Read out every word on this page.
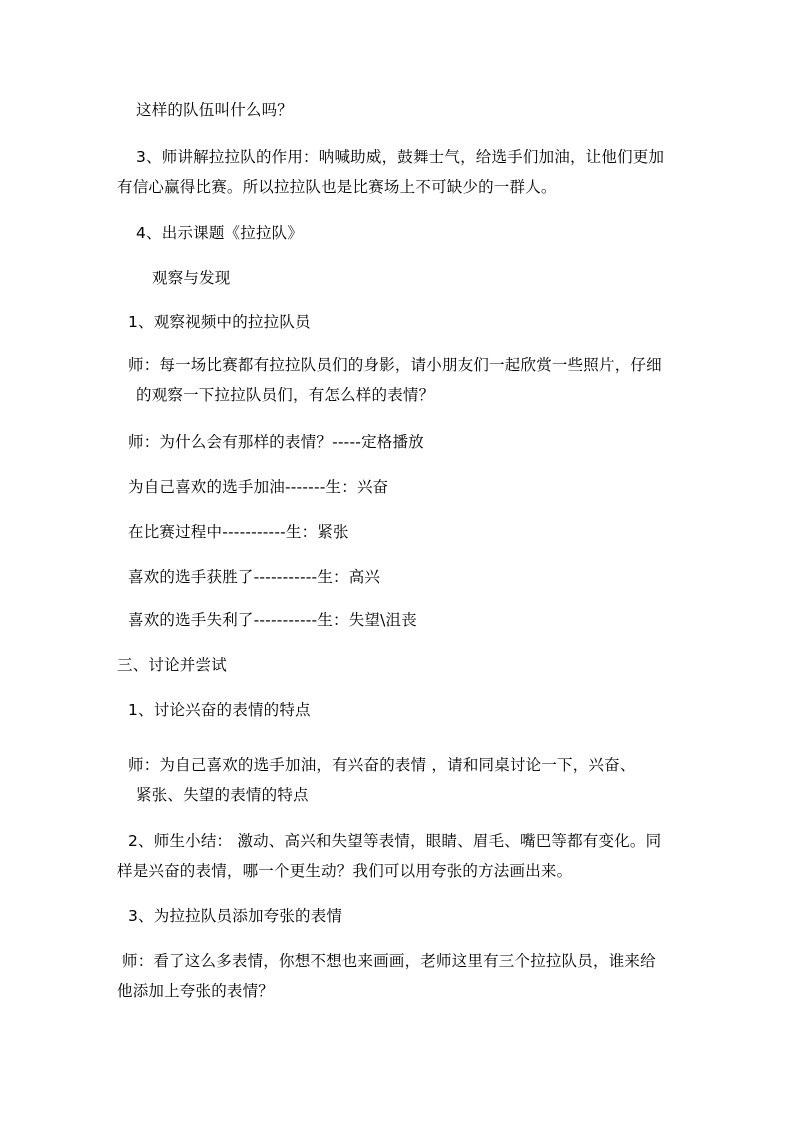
这样的队伍叫什么吗？
3、师讲解拉拉队的作用：呐喊助威，鼓舞士气，给选手们加油，让他们更加
有信心赢得比赛。所以拉拉队也是比赛场上不可缺少的一群人。
4、出示课题《拉拉队》
观察与发现
1、观察视频中的拉拉队员
师：每一场比赛都有拉拉队员们的身影，请小朋友们一起欣赏一些照片，仔细
的观察一下拉拉队员们，有怎么样的表情？
师：为什么会有那样的表情？-----定格播放
为自己喜欢的选手加油-------生：兴奋
在比赛过程中-----------生：紧张
喜欢的选手获胜了-----------生：高兴
喜欢的选手失利了-----------生：失望\沮丧
三、讨论并尝试
1、讨论兴奋的表情的特点
师：为自己喜欢的选手加油，有兴奋的表情 ，请和同桌讨论一下，兴奋、
紧张、失望的表情的特点
2、师生小结： 激动、高兴和失望等表情，眼睛、眉毛、嘴巴等都有变化。同
样是兴奋的表情，哪一个更生动？我们可以用夸张的方法画出来。
3、为拉拉队员添加夸张的表情
师：看了这么多表情，你想不想也来画画，老师这里有三个拉拉队员，谁来给
他添加上夸张的表情？
